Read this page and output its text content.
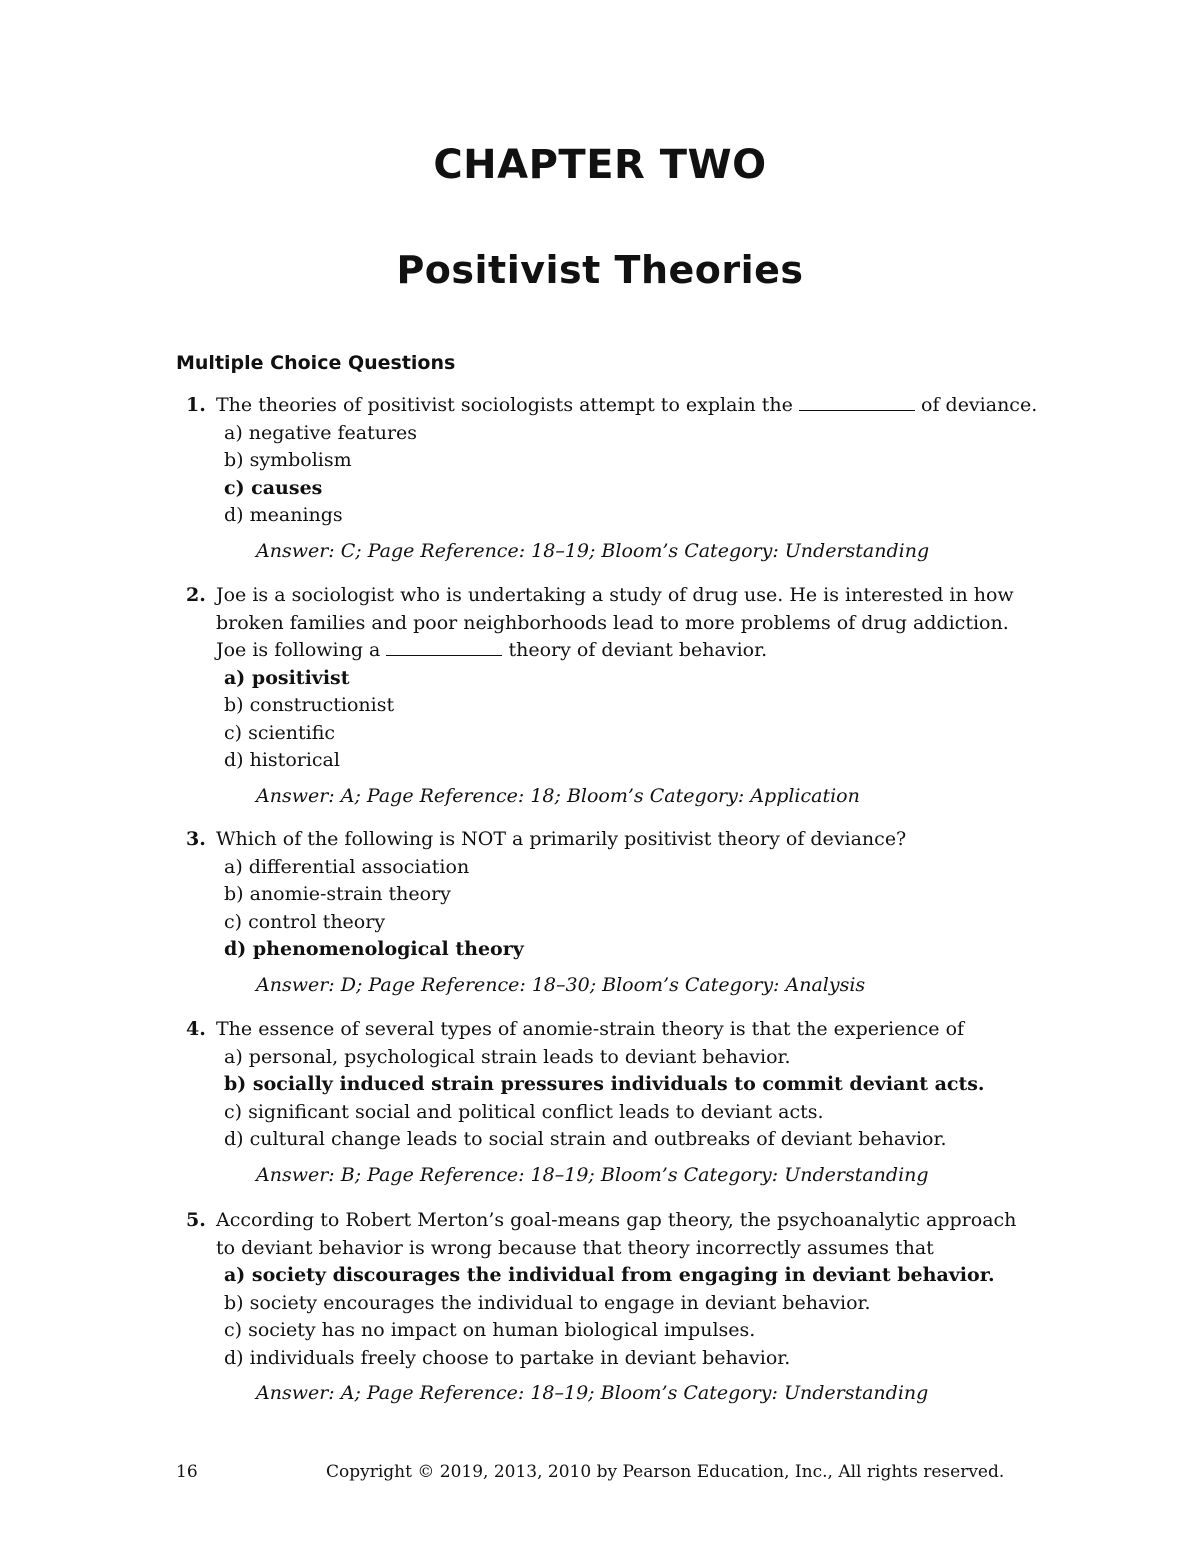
CHAPTER TWO
Positivist Theories
Multiple Choice Questions
1. The theories of positivist sociologists attempt to explain the	of deviance.
a) negative features
b) symbolism
c) causes
d) meanings
Answer: C; Page Reference: 18–19; Bloom’s Category: Understanding
2. Joe is a sociologist who is undertaking a study of drug use. He is interested in how
broken families and poor neighborhoods lead to more problems of drug addiction.
Joe is following a	theory of deviant behavior.
a) positivist
b) constructionist
c) scientific
d) historical
Answer: A; Page Reference: 18; Bloom’s Category: Application
3. Which of the following is NOT a primarily positivist theory of deviance?
a) differential association
b) anomie-strain theory
c) control theory
d) phenomenological theory
Answer: D; Page Reference: 18–30; Bloom’s Category: Analysis
4. The essence of several types of anomie-strain theory is that the experience of
a) personal, psychological strain leads to deviant behavior.
b) socially induced strain pressures individuals to commit deviant acts.
c) significant social and political conflict leads to deviant acts.
d) cultural change leads to social strain and outbreaks of deviant behavior.
Answer: B; Page Reference: 18–19; Bloom’s Category: Understanding
5. According to Robert Merton’s goal-means gap theory, the psychoanalytic approach
to deviant behavior is wrong because that theory incorrectly assumes that
a) society discourages the individual from engaging in deviant behavior.
b) society encourages the individual to engage in deviant behavior.
c) society has no impact on human biological impulses.
d) individuals freely choose to partake in deviant behavior.
Answer: A; Page Reference: 18–19; Bloom’s Category: Understanding
16	Copyright © 2019, 2013, 2010 by Pearson Education, Inc., All rights reserved.
